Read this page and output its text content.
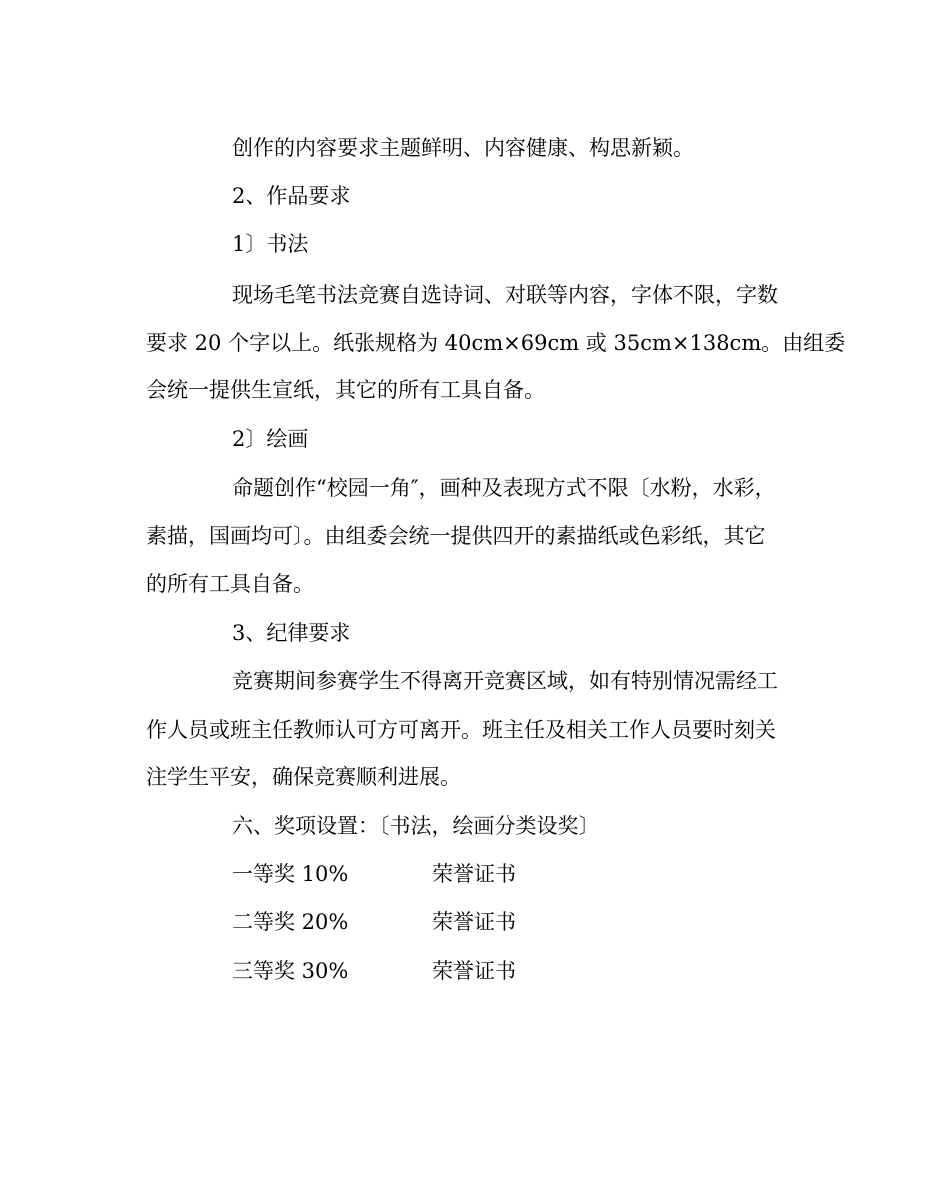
创作的内容要求主题鲜明、内容健康、构思新颖。
2、作品要求
1〕书法
现场毛笔书法竞赛自选诗词、对联等内容，字体不限，字数
要求 20 个字以上。纸张规格为 40cm×69cm 或 35cm×138cm。由组委
会统一提供生宣纸，其它的所有工具自备。
2〕绘画
命题创作“校园一角″，画种及表现方式不限〔水粉，水彩，
素描，国画均可〕。由组委会统一提供四开的素描纸或色彩纸，其它
的所有工具自备。
3、纪律要求
竞赛期间参赛学生不得离开竞赛区域，如有特别情况需经工
作人员或班主任教师认可方可离开。班主任及相关工作人员要时刻关
注学生平安，确保竞赛顺利进展。
六、奖项设置：〔书法，绘画分类设奖〕
一等奖 10%	荣誉证书
二等奖 20%	荣誉证书
三等奖 30%	荣誉证书
